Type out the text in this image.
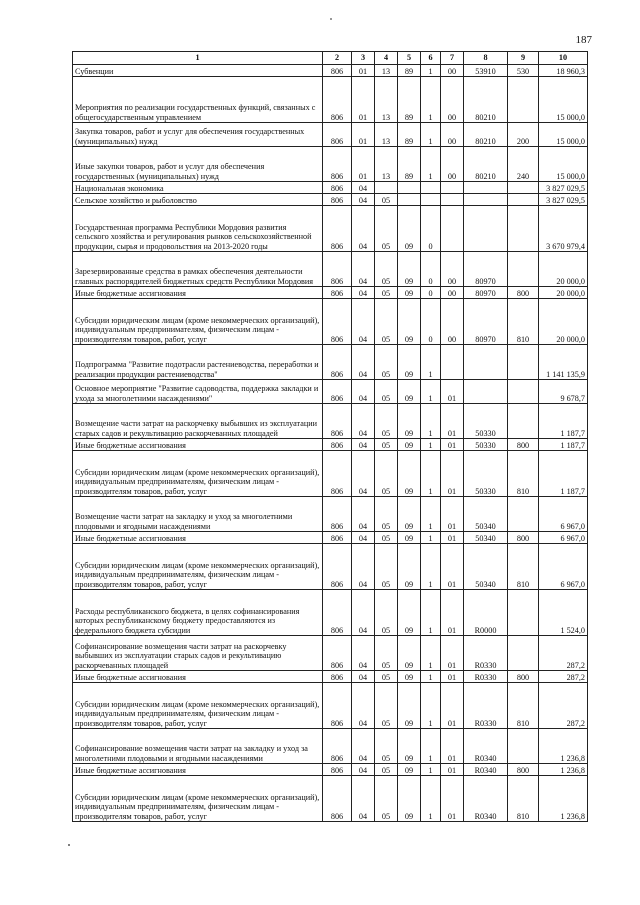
187
1	2	3	4	5	6	7	8	9	10
Субвенции	806	01	13	89	1	00	53910	530	18 960,3
Мероприятия по реализации государственных функций, связанных с общегосударственным управлением	806	01	13	89	1	00	80210		15 000,0
Закупка товаров, работ и услуг для обеспечения государственных (муниципальных) нужд	806	01	13	89	1	00	80210	200	15 000,0
Иные закупки товаров, работ и услуг для обеспечения государственных (муниципальных) нужд	806	01	13	89	1	00	80210	240	15 000,0
Национальная экономика	806	04							3 827 029,5
Сельское хозяйство и рыболовство	806	04	05						3 827 029,5
Государственная программа Республики Мордовия развития сельского хозяйства и регулирования рынков сельскохозяйственной продукции, сырья и продовольствия на 2013-2020 годы	806	04	05	09	0				3 670 979,4
Зарезервированные средства в рамках обеспечения деятельности главных распорядителей бюджетных средств Республики Мордовия	806	04	05	09	0	00	80970		20 000,0
Иные бюджетные ассигнования	806	04	05	09	0	00	80970	800	20 000,0
Субсидии юридическим лицам (кроме некоммерческих организаций), индивидуальным предпринимателям, физическим лицам - производителям товаров, работ, услуг	806	04	05	09	0	00	80970	810	20 000,0
Подпрограмма "Развитие подотрасли растениеводства, переработки и реализации продукции растениеводства"	806	04	05	09	1				1 141 135,9
Основное мероприятие "Развитие садоводства, поддержка закладки и ухода за многолетними насаждениями"	806	04	05	09	1	01			9 678,7
Возмещение части затрат на раскорчевку выбывших из эксплуатации старых садов и рекультивацию раскорчеванных площадей	806	04	05	09	1	01	50330		1 187,7
Иные бюджетные ассигнования	806	04	05	09	1	01	50330	800	1 187,7
Субсидии юридическим лицам (кроме некоммерческих организаций), индивидуальным предпринимателям, физическим лицам - производителям товаров, работ, услуг	806	04	05	09	1	01	50330	810	1 187,7
Возмещение части затрат на закладку и уход за многолетними плодовыми и ягодными насаждениями	806	04	05	09	1	01	50340		6 967,0
Иные бюджетные ассигнования	806	04	05	09	1	01	50340	800	6 967,0
Субсидии юридическим лицам (кроме некоммерческих организаций), индивидуальным предпринимателям, физическим лицам - производителям товаров, работ, услуг	806	04	05	09	1	01	50340	810	6 967,0
Расходы республиканского бюджета, в целях софинансирования которых республиканскому бюджету предоставляются из федерального бюджета субсидии	806	04	05	09	1	01	R0000		1 524,0
Софинансирование возмещения части затрат на раскорчевку выбывших из эксплуатации старых садов и рекультивацию раскорчеванных площадей	806	04	05	09	1	01	R0330		287,2
Иные бюджетные ассигнования	806	04	05	09	1	01	R0330	800	287,2
Субсидии юридическим лицам (кроме некоммерческих организаций), индивидуальным предпринимателям, физическим лицам - производителям товаров, работ, услуг	806	04	05	09	1	01	R0330	810	287,2
Софинансирование возмещения части затрат на закладку и уход за многолетними плодовыми и ягодными насаждениями	806	04	05	09	1	01	R0340		1 236,8
Иные бюджетные ассигнования	806	04	05	09	1	01	R0340	800	1 236,8
Субсидии юридическим лицам (кроме некоммерческих организаций), индивидуальным предпринимателям, физическим лицам - производителям товаров, работ, услуг	806	04	05	09	1	01	R0340	810	1 236,8
